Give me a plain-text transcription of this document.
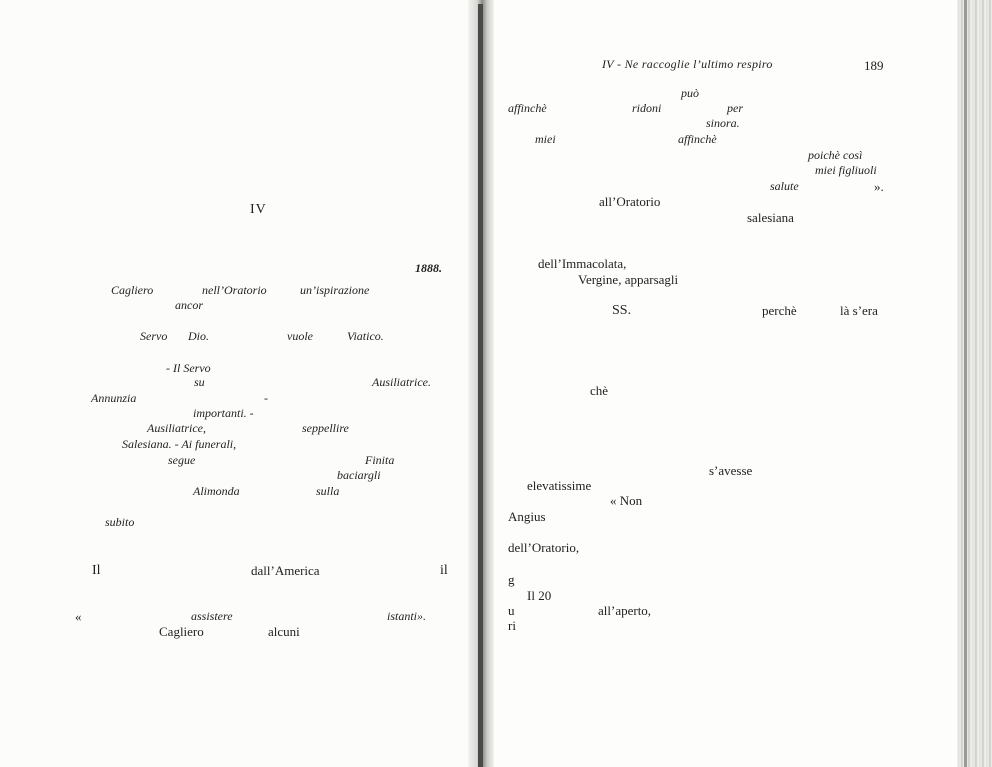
IV
1888.
Cagliero	nell’Oratorio	un’ispirazione
ancor
Servo Dio.	vuole	Viatico.
- Il Servo
su	Ausiliatrice.
Annunzia	-
importanti. -
Ausiliatrice,	seppellire
Salesiana. - Ai funerali,
segue	Finita
baciargli
Alimonda	sulla
subito
Il	dall’America	il
«	assistere	istanti».
Cagliero	alcuni
IV - Ne raccoglie l’ultimo respiro	189
può
affinchè	ridoni	per
sinora.
miei	affinchè
poichè così
miei figliuoli
salute	».
all’Oratorio
salesiana
dell’Immacolata,
Vergine, apparsagli
SS.	perchè	là s’era
chè
s’avesse
elevatissime
« Non
Angius
dell’Oratorio,
g
Il 20
u	all’aperto,
ri
